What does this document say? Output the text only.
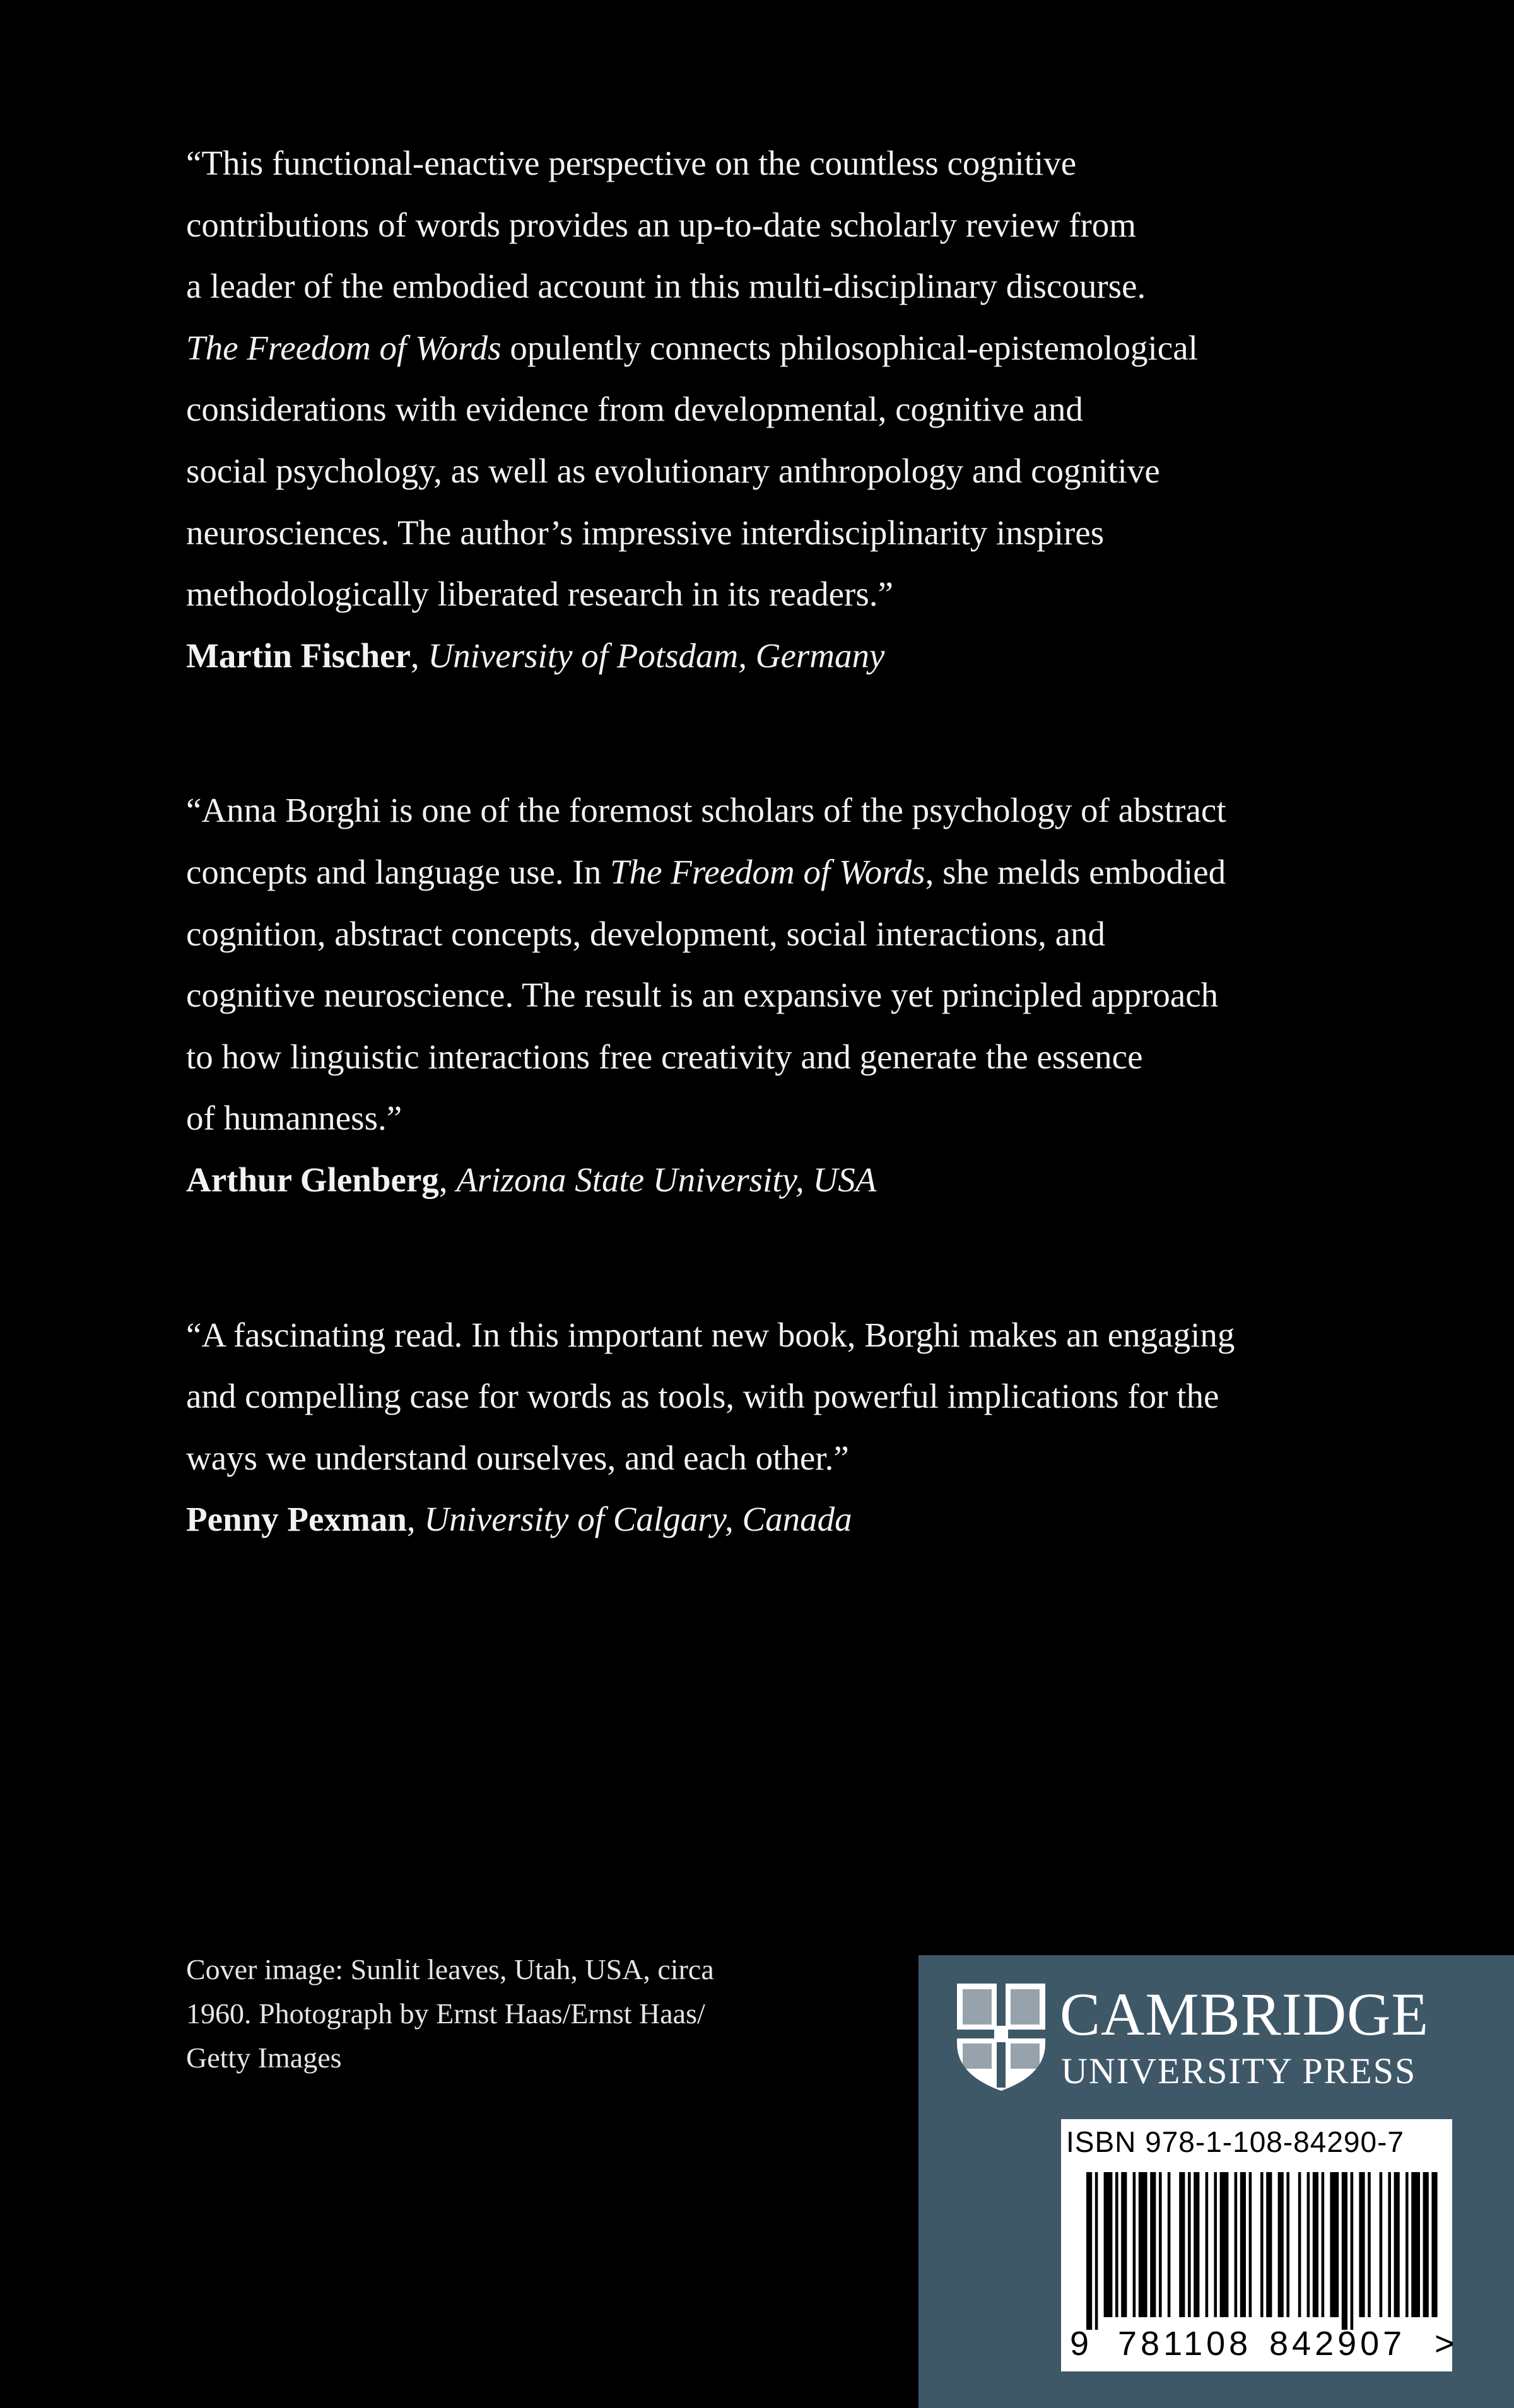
“This functional-enactive perspective on the countless cognitive
contributions of words provides an up-to-date scholarly review from
a leader of the embodied account in this multi-disciplinary discourse.
The Freedom of Words opulently connects philosophical-epistemological
considerations with evidence from developmental, cognitive and
social psychology, as well as evolutionary anthropology and cognitive
neurosciences. The author’s impressive interdisciplinarity inspires
methodologically liberated research in its readers.”

Martin Fischer, University of Potsdam, Germany

“Anna Borghi is one of the foremost scholars of the psychology of abstract
concepts and language use. In The Freedom of Words, she melds embodied
cognition, abstract concepts, development, social interactions, and
cognitive neuroscience. The result is an expansive yet principled approach
to how linguistic interactions free creativity and generate the essence
of humanness.”

Arthur Glenberg, Arizona State University, USA

“A fascinating read. In this important new book, Borghi makes an engaging
and compelling case for words as tools, with powerful implications for the
ways we understand ourselves, and each other.”

Penny Pexman, University of Calgary, Canada

Cover image: Sunlit leaves, Utah, USA, circa
1960. Photograph by Ernst Haas/Ernst Haas/
Getty Images
CAMBRIDGE
UNIVERSITY PRESS
ISBN 978-1-108-84290-7
9 781108 842907 >
